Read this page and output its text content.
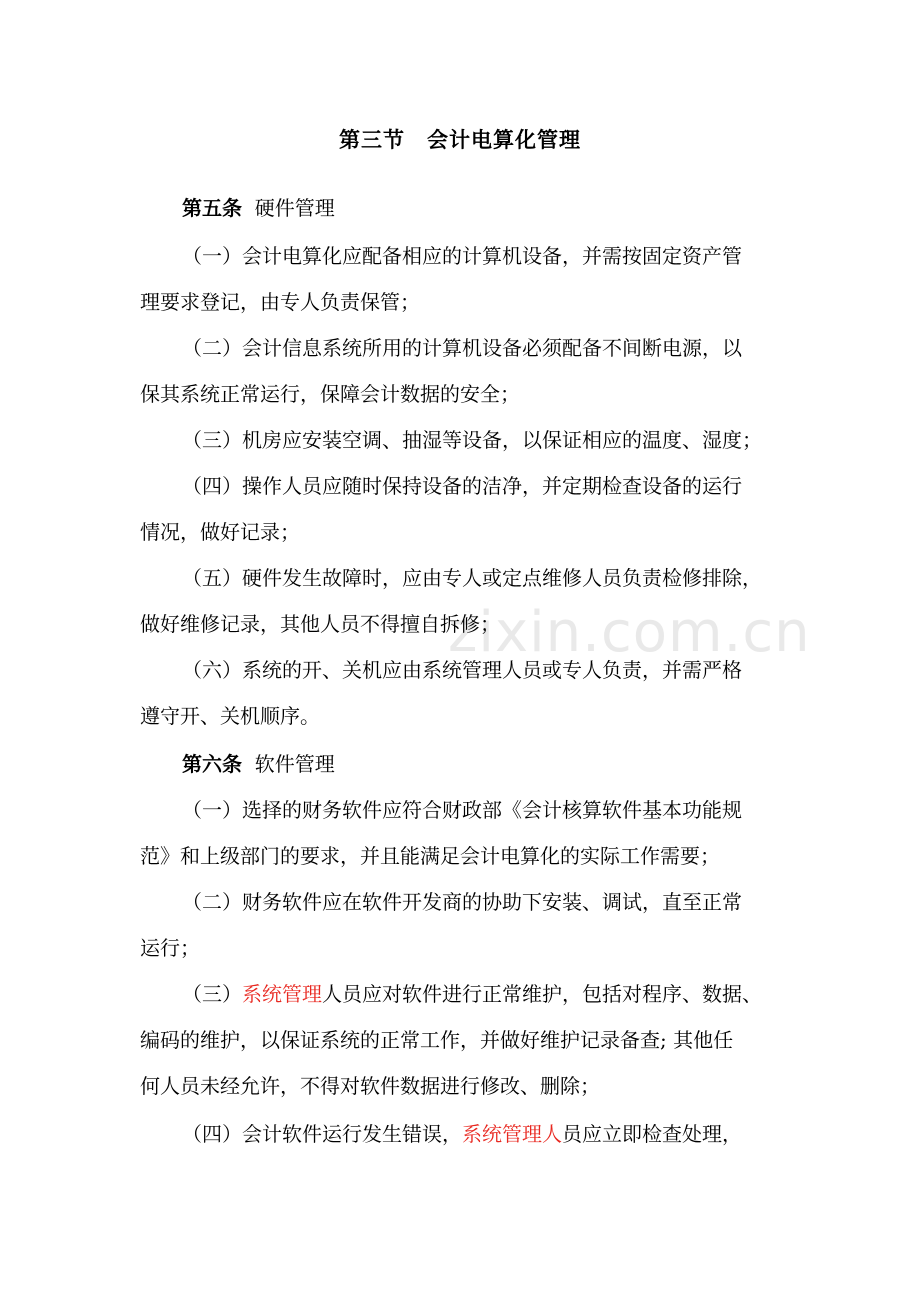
zixin.com.cn
第三节 会计电算化管理
第五条 硬件管理
（一）会计电算化应配备相应的计算机设备，并需按固定资产管
理要求登记，由专人负责保管；
（二）会计信息系统所用的计算机设备必须配备不间断电源，以
保其系统正常运行，保障会计数据的安全；
（三）机房应安装空调、抽湿等设备，以保证相应的温度、湿度；
（四）操作人员应随时保持设备的洁净，并定期检查设备的运行
情况，做好记录；
（五）硬件发生故障时，应由专人或定点维修人员负责检修排除，
做好维修记录，其他人员不得擅自拆修；
（六）系统的开、关机应由系统管理人员或专人负责，并需严格
遵守开、关机顺序。
第六条 软件管理
（一）选择的财务软件应符合财政部《会计核算软件基本功能规
范》和上级部门的要求，并且能满足会计电算化的实际工作需要；
（二）财务软件应在软件开发商的协助下安装、调试，直至正常
运行；
（三）系统管理人员应对软件进行正常维护，包括对程序、数据、
编码的维护，以保证系统的正常工作，并做好维护记录备查; 其他任
何人员未经允许，不得对软件数据进行修改、删除；
（四）会计软件运行发生错误，系统管理人员应立即检查处理，
